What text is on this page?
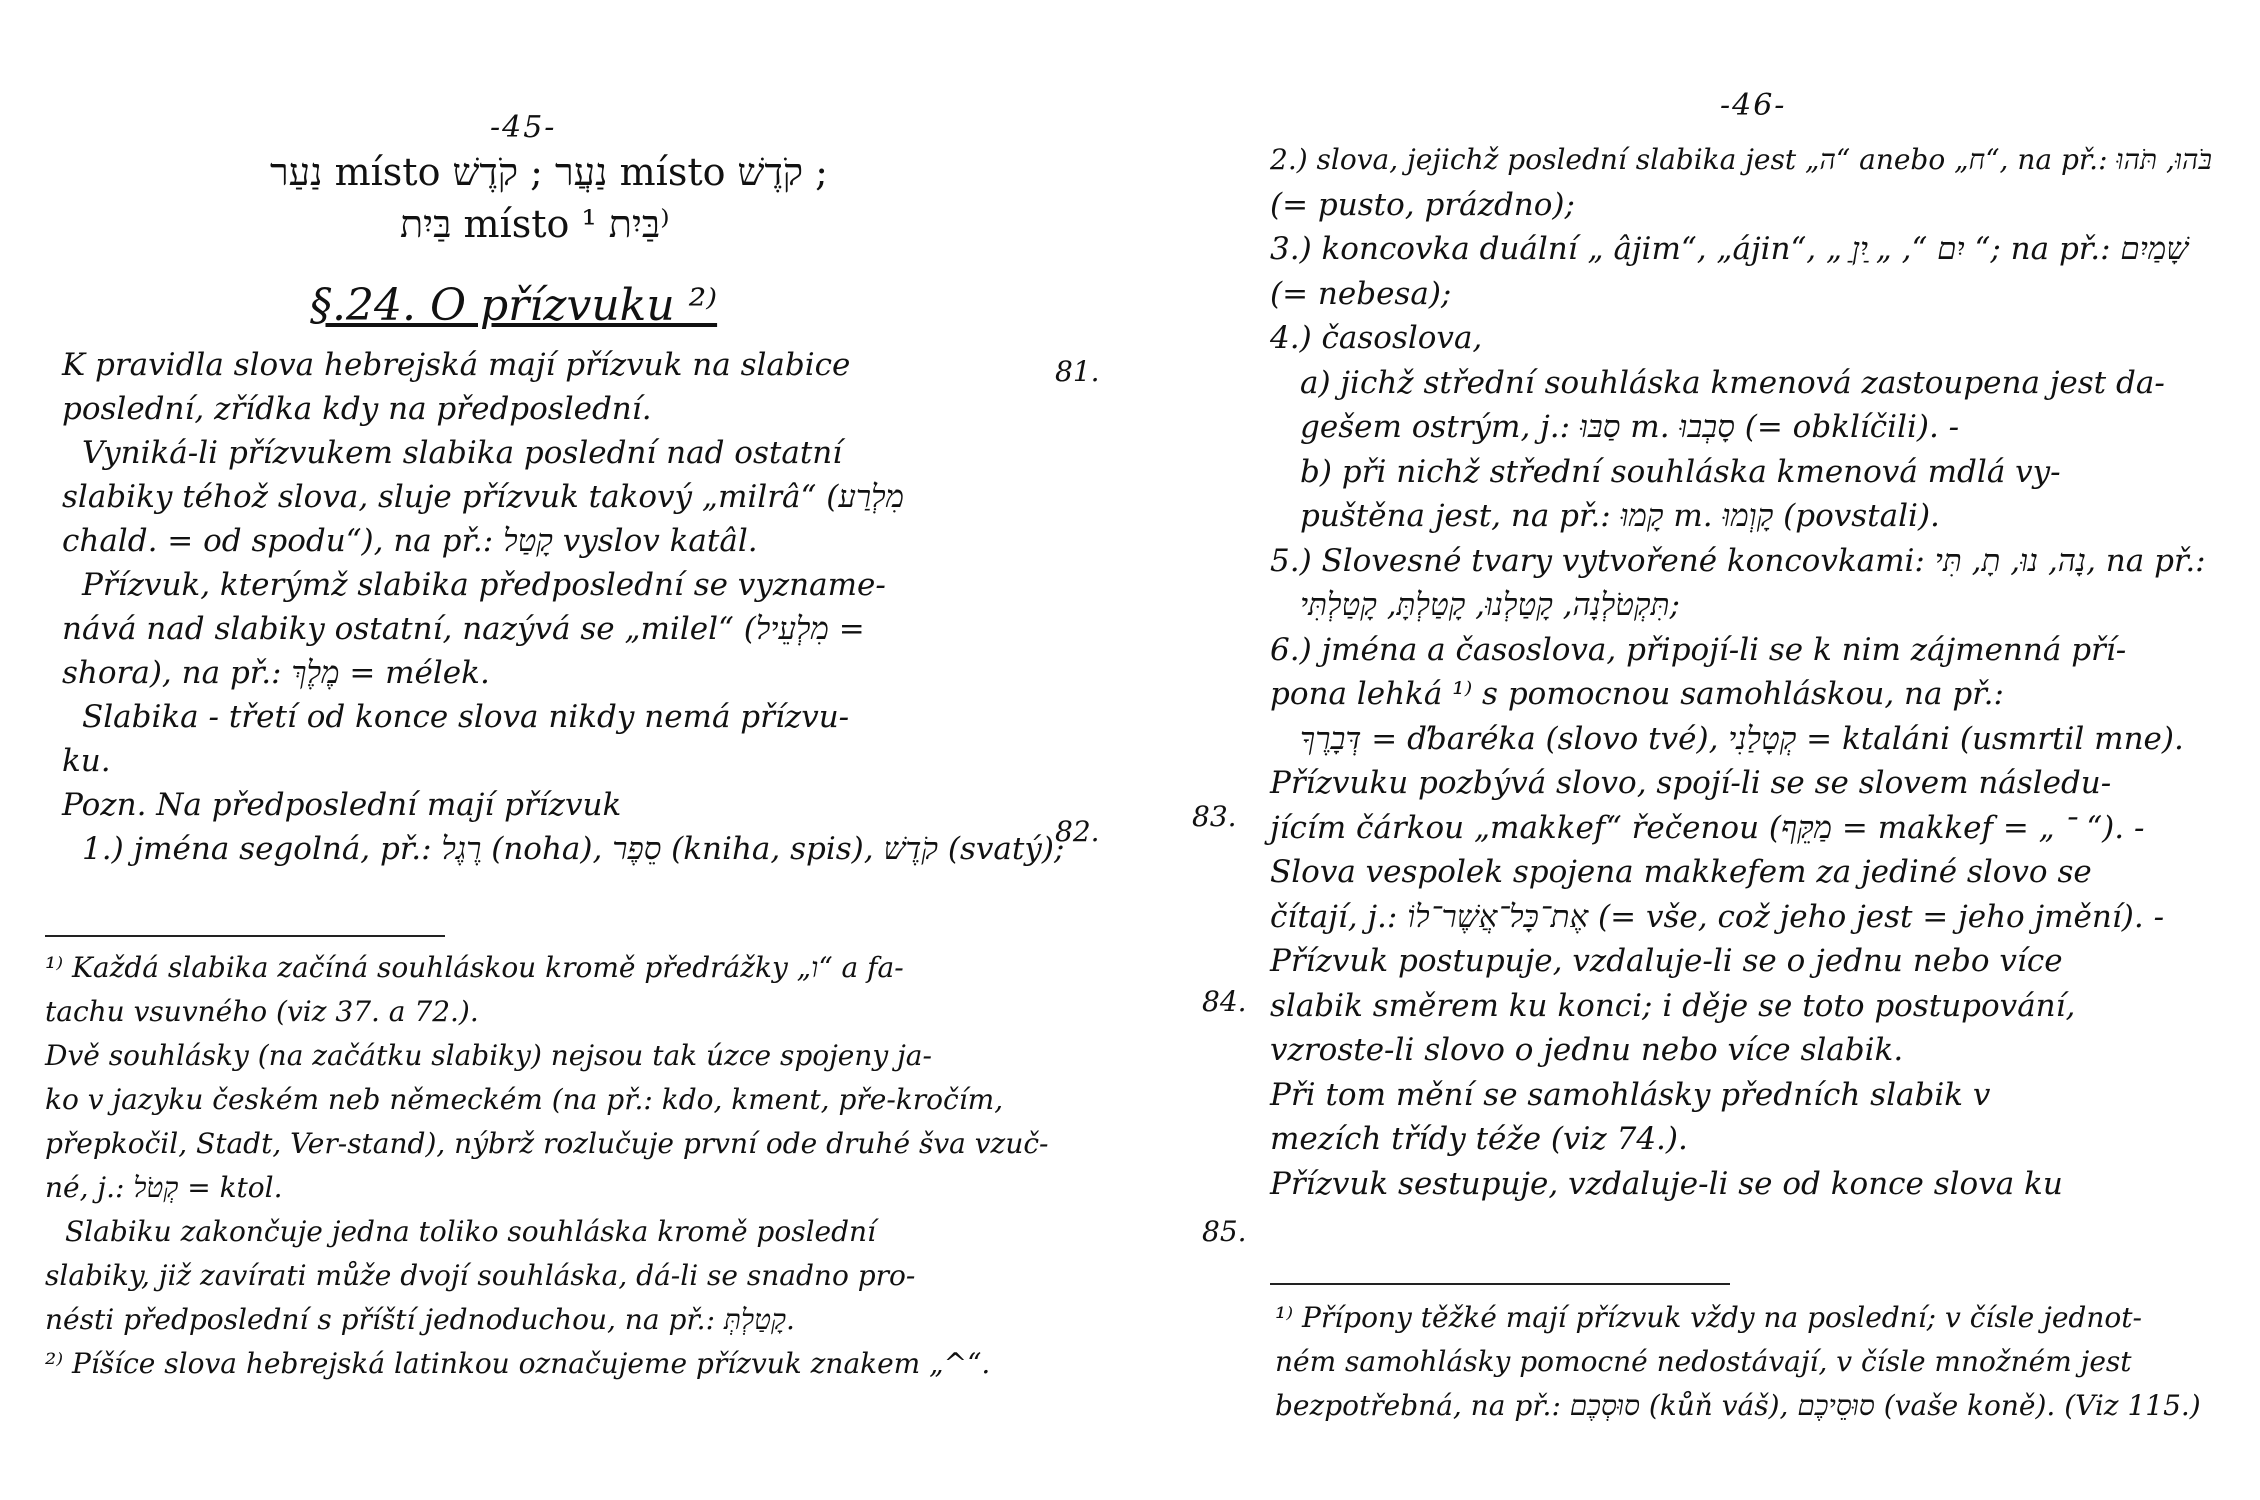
-45-
נַעַר místo נַעֲר ; קֹדֶשׁ místo קֹדֶשׁ ;
בַּיִת místo בַּיִת ¹⁾
§.24. O přízvuku ²⁾
K pravidla slova hebrejská mají přízvuk na slabice
poslední, zřídka kdy na předposlední.
Vyniká-li přízvukem slabika poslední nad ostatní
slabiky téhož slova, sluje přízvuk takový „milrâ“ (מִלְרַע
chald. = od spodu“), na př.: קָטַל vyslov katâl.
Přízvuk, kterýmž slabika předposlední se vyzname-
nává nad slabiky ostatní, nazývá se „milel“ (מִלְעֵיל =
shora), na př.: מֶלֶךְ = mélek.
Slabika - třetí od konce slova nikdy nemá přízvu-
ku.
Pozn. Na předposlední mají přízvuk
1.) jména segolná, př.: רֶגֶל (noha), סֵפֶר (kniha, spis), קֹדֶשׁ (svatý);
81.
82.
¹⁾ Každá slabika začíná souhláskou kromě předrážky „ו“ a fa-
tachu vsuvného (viz 37. a 72.).
Dvě souhlásky (na začátku slabiky) nejsou tak úzce spojeny ja-
ko v jazyku českém neb německém (na př.: kdo, kment, pře-kročím,
přepkočil, Stadt, Ver-stand), nýbrž rozlučuje první ode druhé šva vzuč-
né, j.: קְטֹל = ktol.
Slabiku zakončuje jedna toliko souhláska kromě poslední
slabiky, již zavírati může dvojí souhláska, dá-li se snadno pro-
nésti předposlední s příští jednoduchou, na př.: קָטַלְתְּ.
²⁾ Píšíce slova hebrejská latinkou označujeme přízvuk znakem „^“.
-46-
2.) slova, jejichž poslední slabika jest „ה“ anebo „ח“, na př.: בֹּהוּ, תֹּהוּ
(= pusto, prázdno);
3.) koncovka duální „ âjim“, „ájin“, „ ַיִם “, „ ַיִן “; na př.: שָׁמַיִם
(= nebesa);
4.) časoslova,
a) jichž střední souhláska kmenová zastoupena jest da-
gešem ostrým, j.: סַבּוּ m. סָבְבוּ (= obklíčili). -
b) při nichž střední souhláska kmenová mdlá vy-
puštěna jest, na př.: קָמוּ m. קָוְמוּ (povstali).
5.) Slovesné tvary vytvořené koncovkami: נָה, נוּ, תָ, תִּי, na př.:
תִּקְטֹלְנָה, קָטַלְנוּ, קָטַלְתָּ, קָטַלְתִּי;
6.) jména a časoslova, připojí-li se k nim zájmenná pří-
pona lehká ¹⁾ s pomocnou samohláskou, na př.:
דְּבָרֶךָ = ďbaréka (slovo tvé), קְטָלַנִי = ktaláni (usmrtil mne).
Přízvuku pozbývá slovo, spojí-li se se slovem následu-
jícím čárkou „makkef“ řečenou (מַקֵּף = makkef = „ ־ “). -
Slova vespolek spojena makkefem za jediné slovo se
čítají, j.: אֶת־כָּל־אֲשֶׁר־לוֹ (= vše, což jeho jest = jeho jmění). -
Přízvuk postupuje, vzdaluje-li se o jednu nebo více
slabik směrem ku konci; i děje se toto postupování,
vzroste-li slovo o jednu nebo více slabik.
Při tom mění se samohlásky předních slabik v
mezích třídy téže (viz 74.).
Přízvuk sestupuje, vzdaluje-li se od konce slova ku
83.
84.
85.
¹⁾ Přípony těžké mají přízvuk vždy na poslední; v čísle jednot-
ném samohlásky pomocné nedostávají, v čísle množném jest
bezpotřebná, na př.: סוּסְכֶם (kůň váš), סוּסֵיכֶם (vaše koně). (Viz 115.)
